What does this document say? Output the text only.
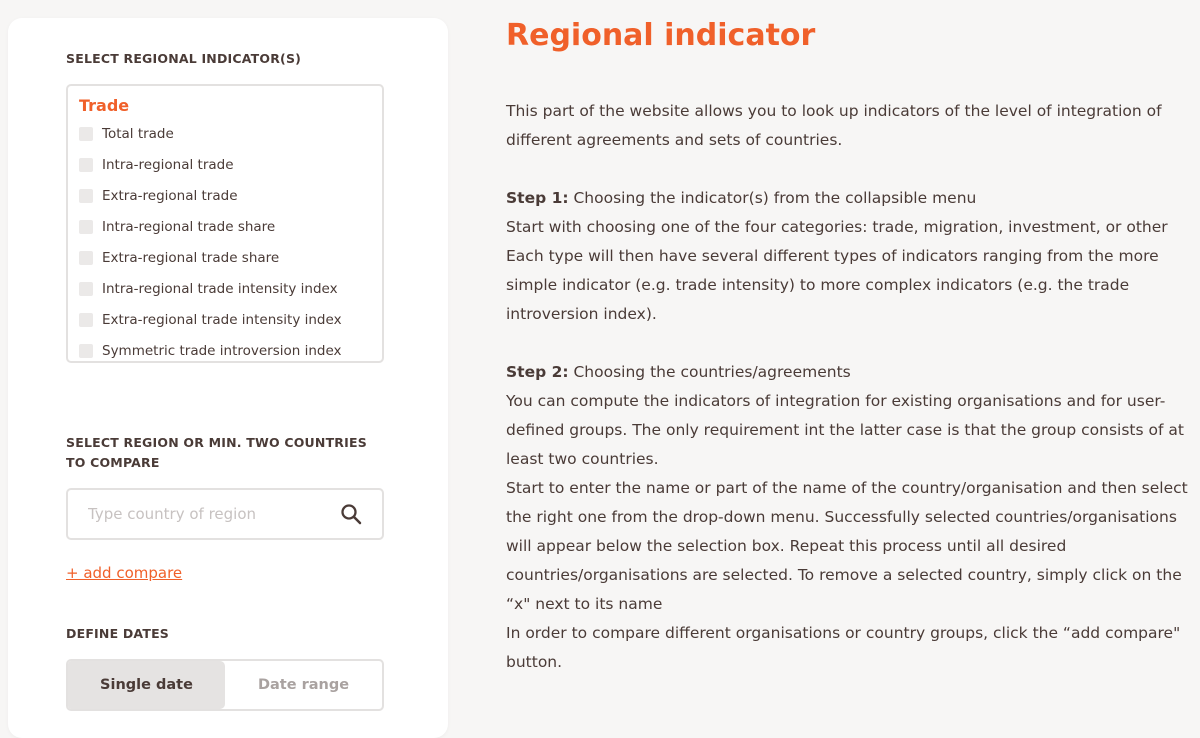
SELECT REGIONAL INDICATOR(S)
Trade
Total trade
Intra-regional trade
Extra-regional trade
Intra-regional trade share
Extra-regional trade share
Intra-regional trade intensity index
Extra-regional trade intensity index
Symmetric trade introversion index
SELECT REGION OR MIN. TWO COUNTRIES TO COMPARE
Type country of region
+ add compare
DEFINE DATES
Single date	Date range
Regional indicator

This part of the website allows you to look up indicators of the level of integration of different agreements and sets of countries.

Step 1: Choosing the indicator(s) from the collapsible menu

Start with choosing one of the four categories: trade, migration, investment, or other Each type will then have several different types of indicators ranging from the more simple indicator (e.g. trade intensity) to more complex indicators (e.g. the trade introversion index).

Step 2: Choosing the countries/agreements

You can compute the indicators of integration for existing organisations and for user-defined groups. The only requirement int the latter case is that the group consists of at least two countries.

Start to enter the name or part of the name of the country/organisation and then select the right one from the drop-down menu. Successfully selected countries/organisations will appear below the selection box. Repeat this process until all desired countries/organisations are selected. To remove a selected country, simply click on the “x" next to its name

In order to compare different organisations or country groups, click the “add compare" button.
